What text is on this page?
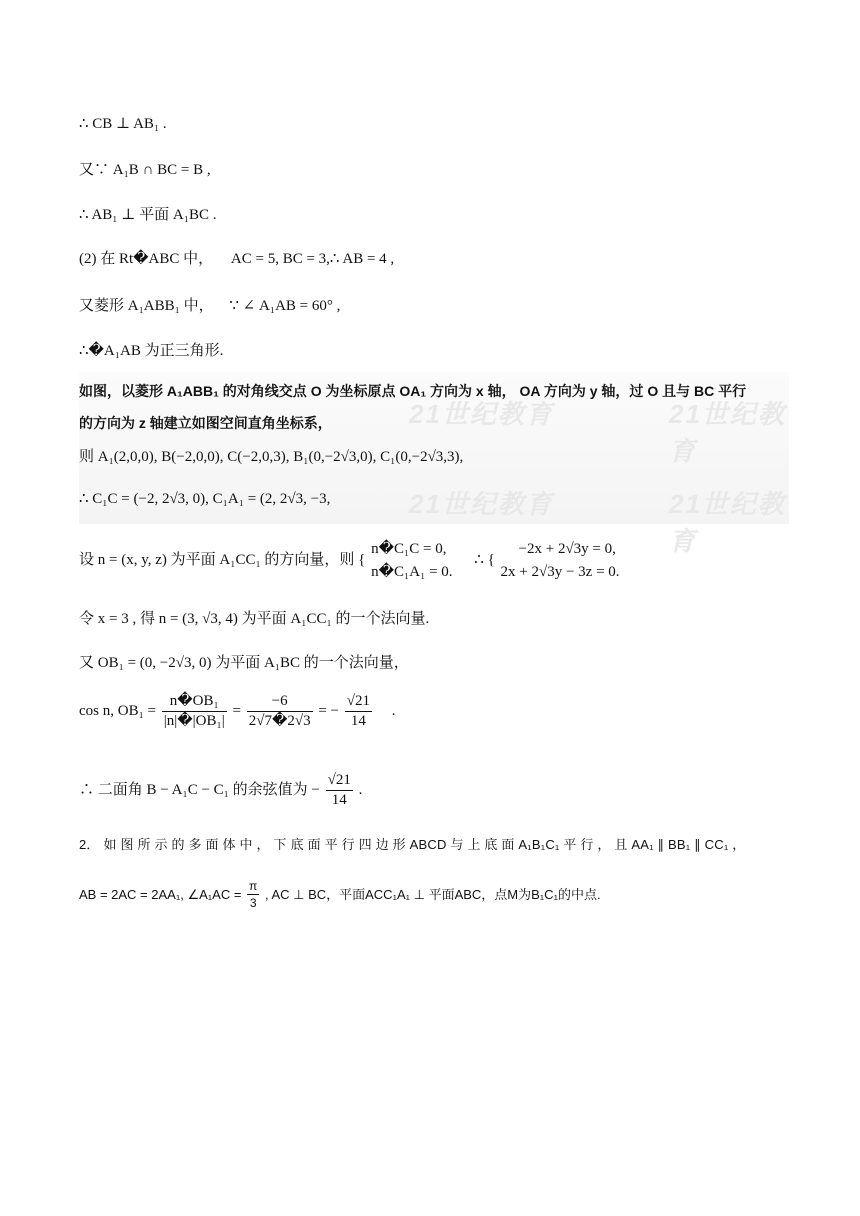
∴ CB ⊥ AB₁ .
又∵ A₁B ∩ BC = B ,
∴ AB₁ ⊥ 平面 A₁BC .
(2) 在 Rt�ABC 中， AC = 5, BC = 3,∴ AB = 4 ,
又菱形 A₁ABB₁ 中， ∵ ∠ A₁AB = 60° ,
∴�A₁AB 为正三角形.
21世纪教育	21世纪教育
21世纪教育	21世纪教育
如图，以菱形 A₁ABB₁ 的对角线交点 O 为坐标原点 OA₁ 方向为 x 轴， OA 方向为 y 轴，过 O 且与 BC 平行
的方向为 z 轴建立如图空间直角坐标系，
则 A₁(2,0,0), B(−2,0,0), C(−2,0,3), B₁(0,−2√3,0), C₁(0,−2√3,3),
∴ C₁C = (−2, 2√3, 0), C₁A₁ = (2, 2√3, −3,
设 n = (x, y, z) 为平面 A₁CC₁ 的方向量，则 {
n�C₁C = 0,
n�C₁A₁ = 0.
∴ {
−2x + 2√3y = 0,
2x + 2√3y − 3z = 0.
令 x = 3 , 得 n = (3, √3, 4) 为平面 A₁CC₁ 的一个法向量.
又 OB₁ = (0, −2√3, 0) 为平面 A₁BC 的一个法向量，
cos n, $OB_1 = \frac{\text{n�OB₁}}{\text{|n|�|OB₁|}} = \frac{-6}{2√7�2√3}$ = − $\frac{√21}{14}$ .
∴ 二面角 B − A₁C − C₁ 的余弦值为 − $\frac{√21}{14}$ .
2． 如 图 所 示 的 多 面 体 中 ， 下 底 面 平 行 四 边 形 ABCD 与 上 底 面 A₁B₁C₁ 平 行 ， 且 AA₁ ∥ BB₁ ∥ CC₁ ，
AB = 2AC = 2AA₁, ∠A₁AC = $\frac{\pi}{3}$ , AC ⊥ BC，平面ACC₁A₁ ⊥ 平面ABC，点M为B₁C₁的中点.
